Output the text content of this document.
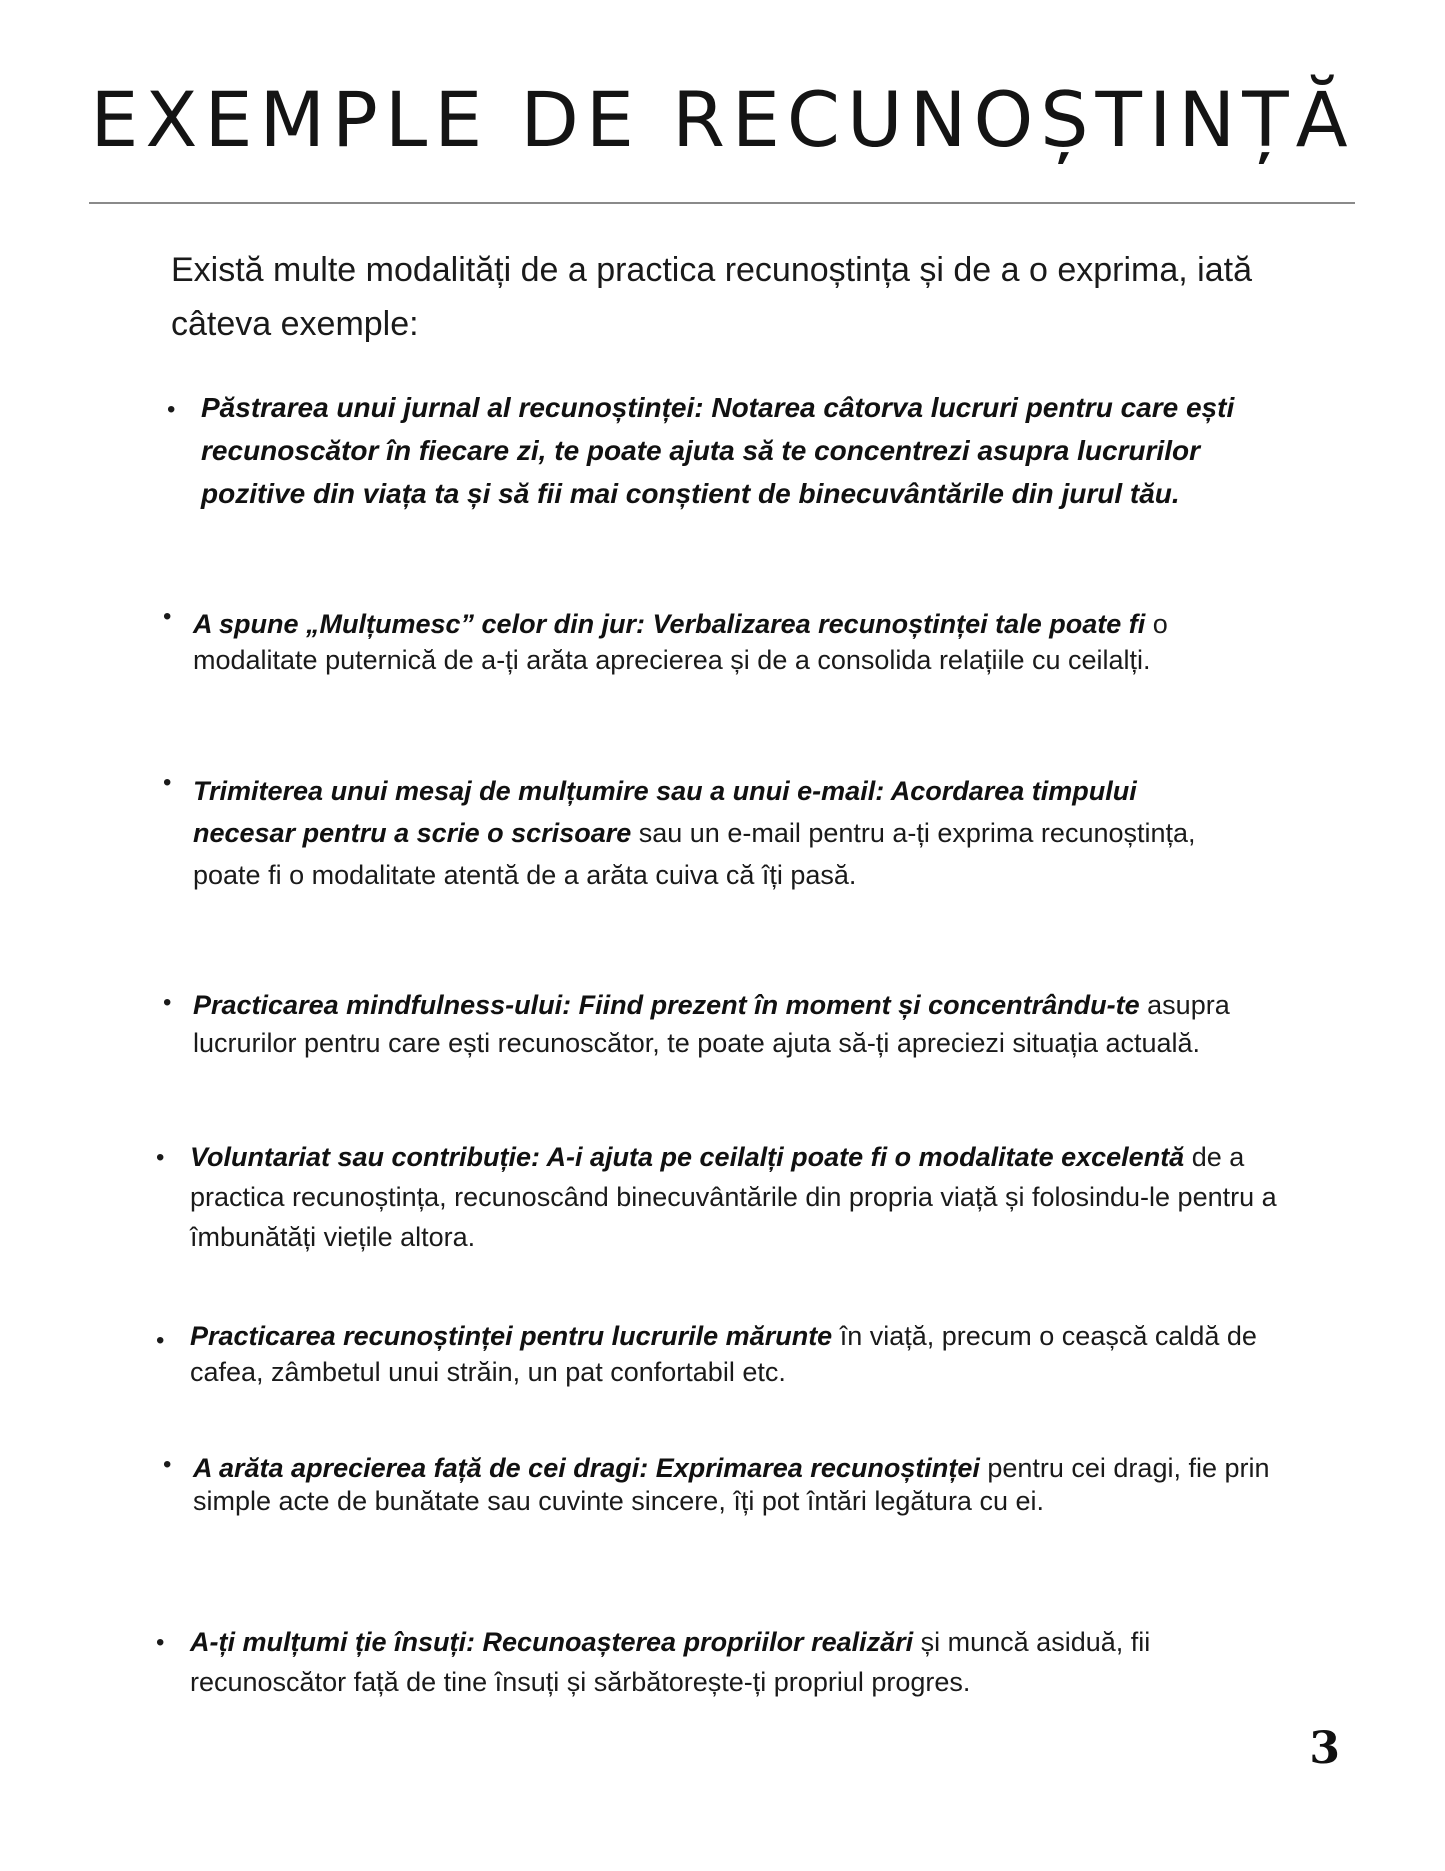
EXEMPLE DE RECUNOȘTINȚĂ

Există multe modalități de a practica recunoștința și de a o exprima, iată câteva exemple:

• Păstrarea unui jurnal al recunoștinței: Notarea câtorva lucruri pentru care ești recunoscător în fiecare zi, te poate ajuta să te concentrezi asupra lucrurilor pozitive din viața ta și să fii mai conștient de binecuvântările din jurul tău.
• A spune „Mulțumesc” celor din jur: Verbalizarea recunoștinței tale poate fi o modalitate puternică de a-ți arăta aprecierea și de a consolida relațiile cu ceilalți.
• Trimiterea unui mesaj de mulțumire sau a unui e-mail: Acordarea timpului necesar pentru a scrie o scrisoare sau un e-mail pentru a-ți exprima recunoștința, poate fi o modalitate atentă de a arăta cuiva că îți pasă.
• Practicarea mindfulness-ului: Fiind prezent în moment și concentrându-te asupra lucrurilor pentru care ești recunoscător, te poate ajuta să-ți apreciezi situația actuală.
• Voluntariat sau contribuție: A-i ajuta pe ceilalți poate fi o modalitate excelentă de a practica recunoștința, recunoscând binecuvântările din propria viață și folosindu-le pentru a îmbunătăți viețile altora.
• Practicarea recunoștinței pentru lucrurile mărunte în viață, precum o ceașcă caldă de cafea, zâmbetul unui străin, un pat confortabil etc.
• A arăta aprecierea față de cei dragi: Exprimarea recunoștinței pentru cei dragi, fie prin simple acte de bunătate sau cuvinte sincere, îți pot întări legătura cu ei.
• A-ți mulțumi ție însuți: Recunoașterea propriilor realizări și muncă asiduă, fii recunoscător față de tine însuți și sărbătorește-ți propriul progres.
3
